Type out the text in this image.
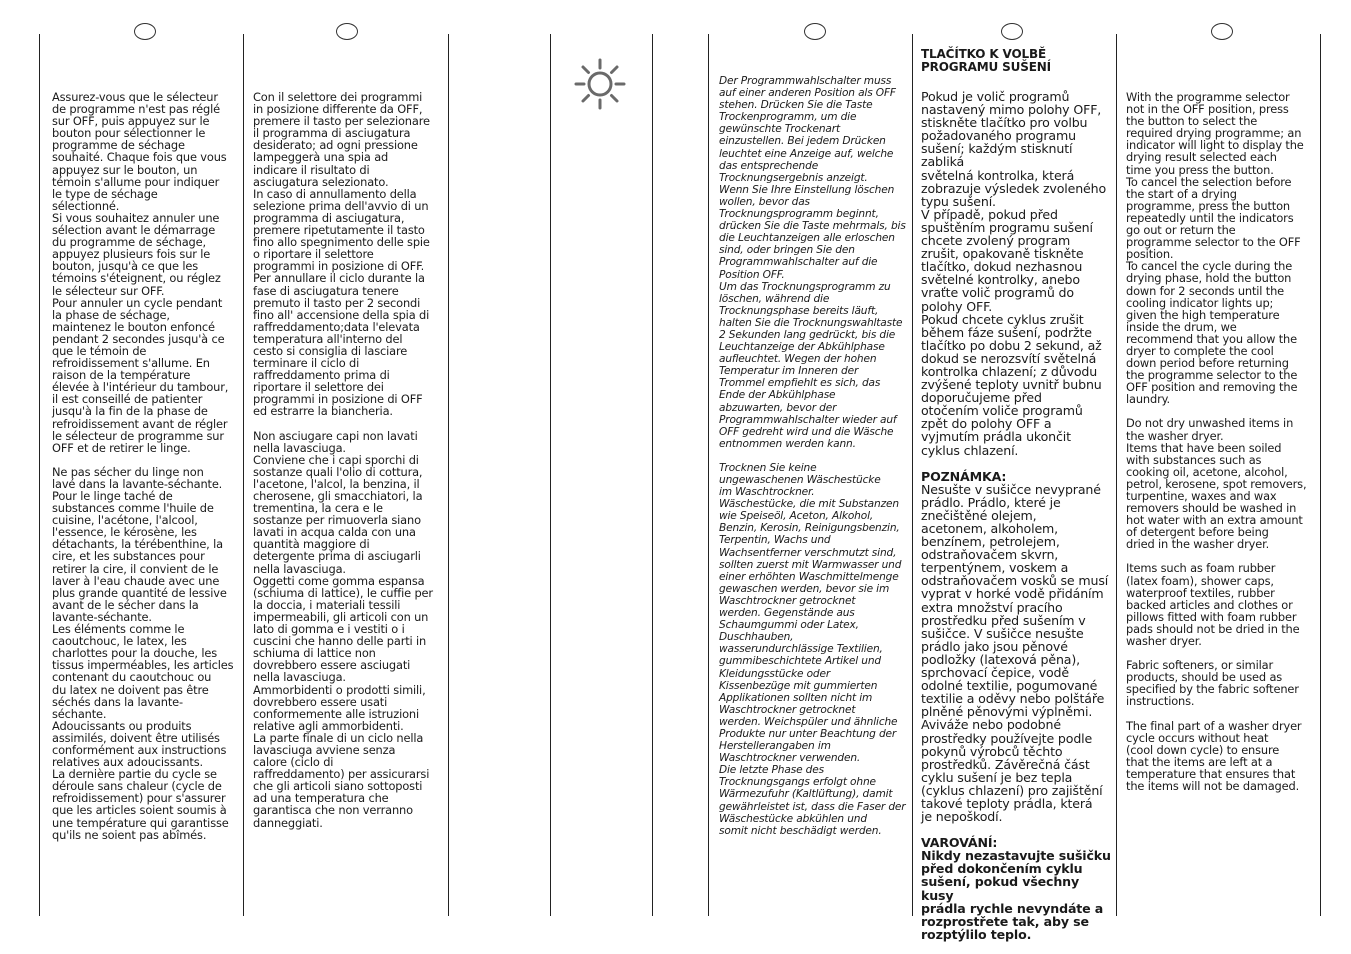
Assurez-vous que le sélecteur
de programme n'est pas réglé
sur OFF, puis appuyez sur le
bouton pour sélectionner le
programme de séchage
souhaité. Chaque fois que vous
appuyez sur le bouton, un
témoin s'allume pour indiquer
le type de séchage
sélectionné.
Si vous souhaitez annuler une
sélection avant le démarrage
du programme de séchage,
appuyez plusieurs fois sur le
bouton, jusqu'à ce que les
témoins s'éteignent, ou réglez
le sélecteur sur OFF.
Pour annuler un cycle pendant
la phase de séchage,
maintenez le bouton enfoncé
pendant 2 secondes jusqu'à ce
que le témoin de
refroidissement s'allume. En
raison de la température
élevée à l'intérieur du tambour,
il est conseillé de patienter
jusqu'à la fin de la phase de
refroidissement avant de régler
le sélecteur de programme sur
OFF et de retirer le linge.

Ne pas sécher du linge non
lavé dans la lavante-séchante.
Pour le linge taché de
substances comme l'huile de
cuisine, l'acétone, l'alcool,
l'essence, le kérosène, les
détachants, la térébenthine, la
cire, et les substances pour
retirer la cire, il convient de le
laver à l'eau chaude avec une
plus grande quantité de lessive
avant de le sécher dans la
lavante-séchante.
Les éléments comme le
caoutchouc, le latex, les
charlottes pour la douche, les
tissus imperméables, les articles
contenant du caoutchouc ou
du latex ne doivent pas être
séchés dans la lavante-
séchante.
Adoucissants ou produits
assimilés, doivent être utilisés
conformément aux instructions
relatives aux adoucissants.
La dernière partie du cycle se
déroule sans chaleur (cycle de
refroidissement) pour s'assurer
que les articles soient soumis à
une température qui garantisse
qu'ils ne soient pas abîmés.

Con il selettore dei programmi
in posizione differente da OFF,
premere il tasto per selezionare
il programma di asciugatura
desiderato; ad ogni pressione
lampeggerà una spia ad
indicare il risultato di
asciugatura selezionato.
In caso di annullamento della
selezione prima dell'avvio di un
programma di asciugatura,
premere ripetutamente il tasto
fino allo spegnimento delle spie
o riportare il selettore
programmi in posizione di OFF.
Per annullare il ciclo durante la
fase di asciugatura tenere
premuto il tasto per 2 secondi
fino all' accensione della spia di
raffreddamento;data l'elevata
temperatura all'interno del
cesto si consiglia di lasciare
terminare il ciclo di
raffreddamento prima di
riportare il selettore dei
programmi in posizione di OFF
ed estrarre la biancheria.

Non asciugare capi non lavati
nella lavasciuga.
Conviene che i capi sporchi di
sostanze quali l'olio di cottura,
l'acetone, l'alcol, la benzina, il
cherosene, gli smacchiatori, la
trementina, la cera e le
sostanze per rimuoverla siano
lavati in acqua calda con una
quantità maggiore di
detergente prima di asciugarli
nella lavasciuga.
Oggetti come gomma espansa
(schiuma di lattice), le cuffie per
la doccia, i materiali tessili
impermeabili, gli articoli con un
lato di gomma e i vestiti o i
cuscini che hanno delle parti in
schiuma di lattice non
dovrebbero essere asciugati
nella lavasciuga.
Ammorbidenti o prodotti simili,
dovrebbero essere usati
conformemente alle istruzioni
relative agli ammorbidenti.
La parte finale di un ciclo nella
lavasciuga avviene senza
calore (ciclo di
raffreddamento) per assicurarsi
che gli articoli siano sottoposti
ad una temperatura che
garantisca che non verranno
danneggiati.

Der Programmwahlschalter muss
auf einer anderen Position als OFF
stehen. Drücken Sie die Taste
Trockenprogramm, um die
gewünschte Trockenart
einzustellen. Bei jedem Drücken
leuchtet eine Anzeige auf, welche
das entsprechende
Trocknungsergebnis anzeigt.
Wenn Sie Ihre Einstellung löschen
wollen, bevor das
Trocknungsprogramm beginnt,
drücken Sie die Taste mehrmals, bis
die Leuchtanzeigen alle erloschen
sind, oder bringen Sie den
Programmwahlschalter auf die
Position OFF.
Um das Trocknungsprogramm zu
löschen, während die
Trocknungsphase bereits läuft,
halten Sie die Trocknungswahltaste
2 Sekunden lang gedrückt, bis die
Leuchtanzeige der Abkühlphase
aufleuchtet. Wegen der hohen
Temperatur im Inneren der
Trommel empfiehlt es sich, das
Ende der Abkühlphase
abzuwarten, bevor der
Programmwahlschalter wieder auf
OFF gedreht wird und die Wäsche
entnommen werden kann.

Trocknen Sie keine
ungewaschenen Wäschestücke
im Waschtrockner.
Wäschestücke, die mit Substanzen
wie Speiseöl, Aceton, Alkohol,
Benzin, Kerosin, Reinigungsbenzin,
Terpentin, Wachs und
Wachsentferner verschmutzt sind,
sollten zuerst mit Warmwasser und
einer erhöhten Waschmittelmenge
gewaschen werden, bevor sie im
Waschtrockner getrocknet
werden. Gegenstände aus
Schaumgummi oder Latex,
Duschhauben,
wasserundurchlässige Textilien,
gummibeschichtete Artikel und
Kleidungsstücke oder
Kissenbezüge mit gummierten
Applikationen sollten nicht im
Waschtrockner getrocknet
werden. Weichspüler und ähnliche
Produkte nur unter Beachtung der
Herstellerangaben im
Waschtrockner verwenden.
Die letzte Phase des
Trocknungsgangs erfolgt ohne
Wärmezufuhr (Kaltlüftung), damit
gewährleistet ist, dass die Faser der
Wäschestücke abkühlen und
somit nicht beschädigt werden.

TLAČÍTKO K VOLBĚ
PROGRAMU SUŠENÍ

Pokud je volič programů
nastavený mimo polohy OFF,
stiskněte tlačítko pro volbu
požadovaného programu
sušení; každým stisknutí zabliká
světelná kontrolka, která
zobrazuje výsledek zvoleného
typu sušení.
V případě, pokud před
spuštěním programu sušení
chcete zvolený program
zrušit, opakovaně tiskněte
tlačítko, dokud nezhasnou
světelné kontrolky, anebo
vraťte volič programů do
polohy OFF.
Pokud chcete cyklus zrušit
během fáze sušení, podržte
tlačítko po dobu 2 sekund, až
dokud se nerozsvítí světelná
kontrolka chlazení; z důvodu
zvýšené teploty uvnitř bubnu
doporučujeme před
otočením voliče programů
zpět do polohy OFF a
vyjmutím prádla ukončit
cyklus chlazení.

POZNÁMKA:

Nesušte v sušičce nevyprané
prádlo. Prádlo, které je
znečištěné olejem,
acetonem, alkoholem,
benzínem, petrolejem,
odstraňovačem skvrn,
terpentýnem, voskem a
odstraňovačem vosků se musí
vyprat v horké vodě přidáním
extra množství pracího
prostředku před sušením v
sušičce. V sušičce nesušte
prádlo jako jsou pěnové
podložky (latexová pěna),
sprchovací čepice, vodě
odolné textilie, pogumované
textilie a oděvy nebo polštáře
plněné pěnovými výplněmi.
Aviváže nebo podobné
prostředky používejte podle
pokynů výrobců těchto
prostředků. Závěrečná část
cyklu sušení je bez tepla
(cyklus chlazení) pro zajištění
takové teploty prádla, která
je nepoškodí.

VAROVÁNÍ:

Nikdy nezastavujte sušičku
před dokončením cyklu
sušení, pokud všechny kusy
prádla rychle nevyndáte a
rozprostřete tak, aby se
rozptýlilo teplo.

With the programme selector
not in the OFF position, press
the button to select the
required drying programme; an
indicator will light to display the
drying result selected each
time you press the button.
To cancel the selection before
the start of a drying
programme, press the button
repeatedly until the indicators
go out or return the
programme selector to the OFF
position.
To cancel the cycle during the
drying phase, hold the button
down for 2 seconds until the
cooling indicator lights up;
given the high temperature
inside the drum, we
recommend that you allow the
dryer to complete the cool
down period before returning
the programme selector to the
OFF position and removing the
laundry.

Do not dry unwashed items in
the washer dryer.
Items that have been soiled
with substances such as
cooking oil, acetone, alcohol,
petrol, kerosene, spot removers,
turpentine, waxes and wax
removers should be washed in
hot water with an extra amount
of detergent before being
dried in the washer dryer.

Items such as foam rubber
(latex foam), shower caps,
waterproof textiles, rubber
backed articles and clothes or
pillows fitted with foam rubber
pads should not be dried in the
washer dryer.

Fabric softeners, or similar
products, should be used as
specified by the fabric softener
instructions.

The final part of a washer dryer
cycle occurs without heat
(cool down cycle) to ensure
that the items are left at a
temperature that ensures that
the items will not be damaged.
